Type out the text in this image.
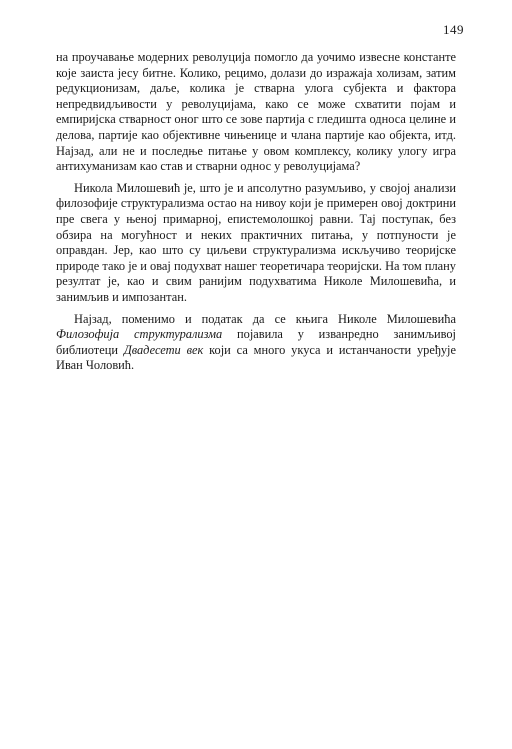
149

на проучавање модерних револуција помогло да уочимо извесне константе које заиста јесу битне. Колико, рецимо, долази до изражаја холизам, затим редукционизам, даље, колика је стварна улога субјекта и фактора непредвидљивости у револуцијама, како се може схватити појам и емпиријска стварност оног што се зове партија с гледишта односа целине и делова, партије као објективне чињенице и члана партије као објекта, итд. Најзад, али не и последње питање у овом комплексу, колику улогу игра антихуманизам као став и стварни однос у револуцијама?

Никола Милошевић је, што је и апсолутно разумљиво, у својој анализи филозофије структурализма остао на нивоу који је примерен овој доктрини пре свега у њеној примарној, епистемолошкој равни. Тај поступак, без обзира на могућност и неких практичних питања, у потпуности је оправдан. Јер, као што су циљеви структурализма искључиво теоријске природе тако је и овај подухват нашег теоретичара теоријски. На том плану резултат је, као и свим ранијим подухватима Николе Милошевића, и занимљив и импозантан.

Најзад, поменимо и податак да се књига Николе Милошевића Филозофија структурализма појавила у изванредно занимљивој библиотеци Двадесети век који са много укуса и истанчаности уређује Иван Чоловић.
